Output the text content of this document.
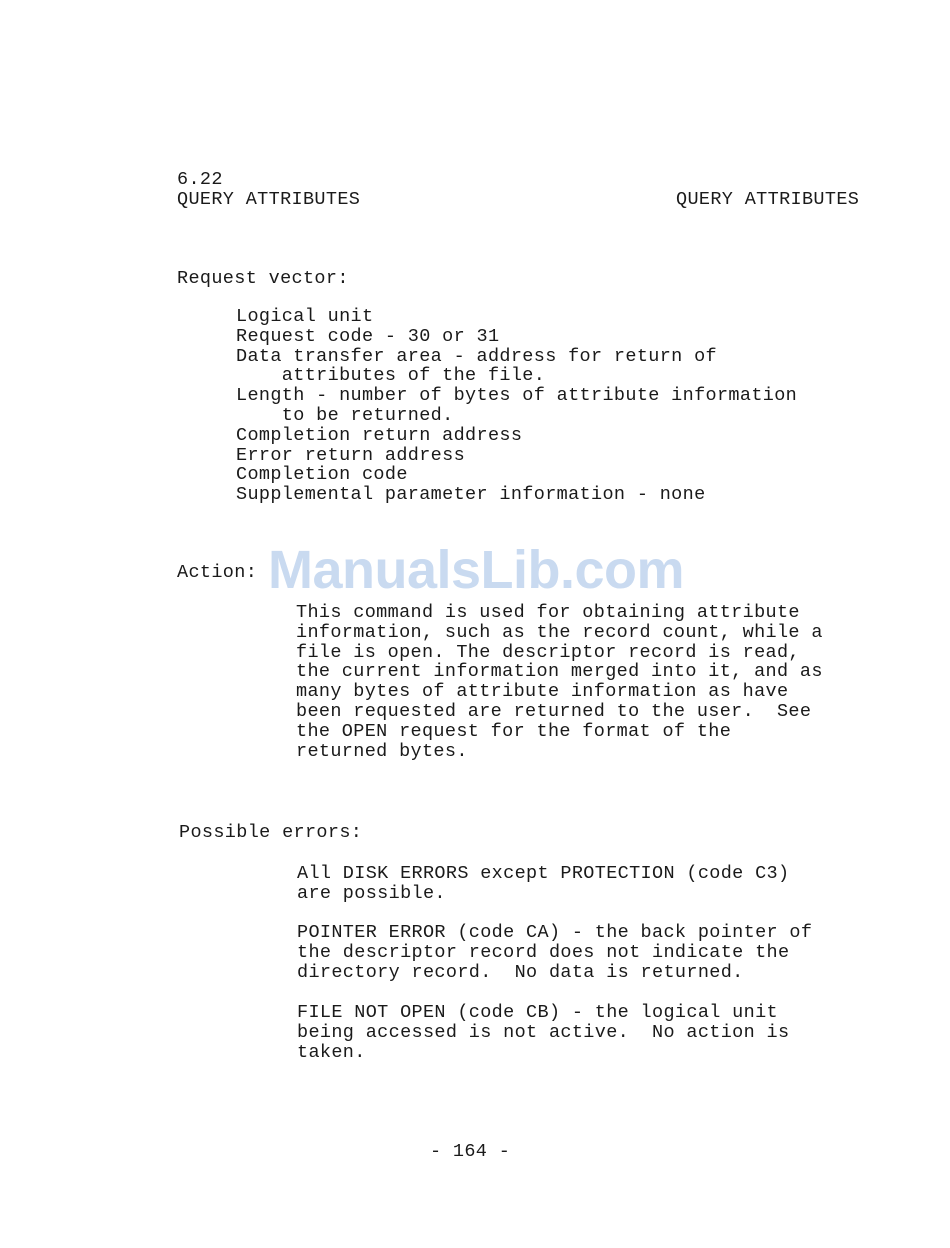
ManualsLib.com
6.22
QUERY ATTRIBUTES	QUERY ATTRIBUTES
Request vector:
Logical unit
Request code - 30 or 31
Data transfer area - address for return of
attributes of the file.
Length - number of bytes of attribute information
to be returned.
Completion return address
Error return address
Completion code
Supplemental parameter information - none
Action:
This command is used for obtaining attribute
information, such as the record count, while a
file is open. The descriptor record is read,
the current information merged into it, and as
many bytes of attribute information as have
been requested are returned to the user.  See
the OPEN request for the format of the
returned bytes.
Possible errors:
All DISK ERRORS except PROTECTION (code C3)
are possible.
POINTER ERROR (code CA) - the back pointer of
the descriptor record does not indicate the
directory record.  No data is returned.
FILE NOT OPEN (code CB) - the logical unit
being accessed is not active.  No action is
taken.
- 164 -
